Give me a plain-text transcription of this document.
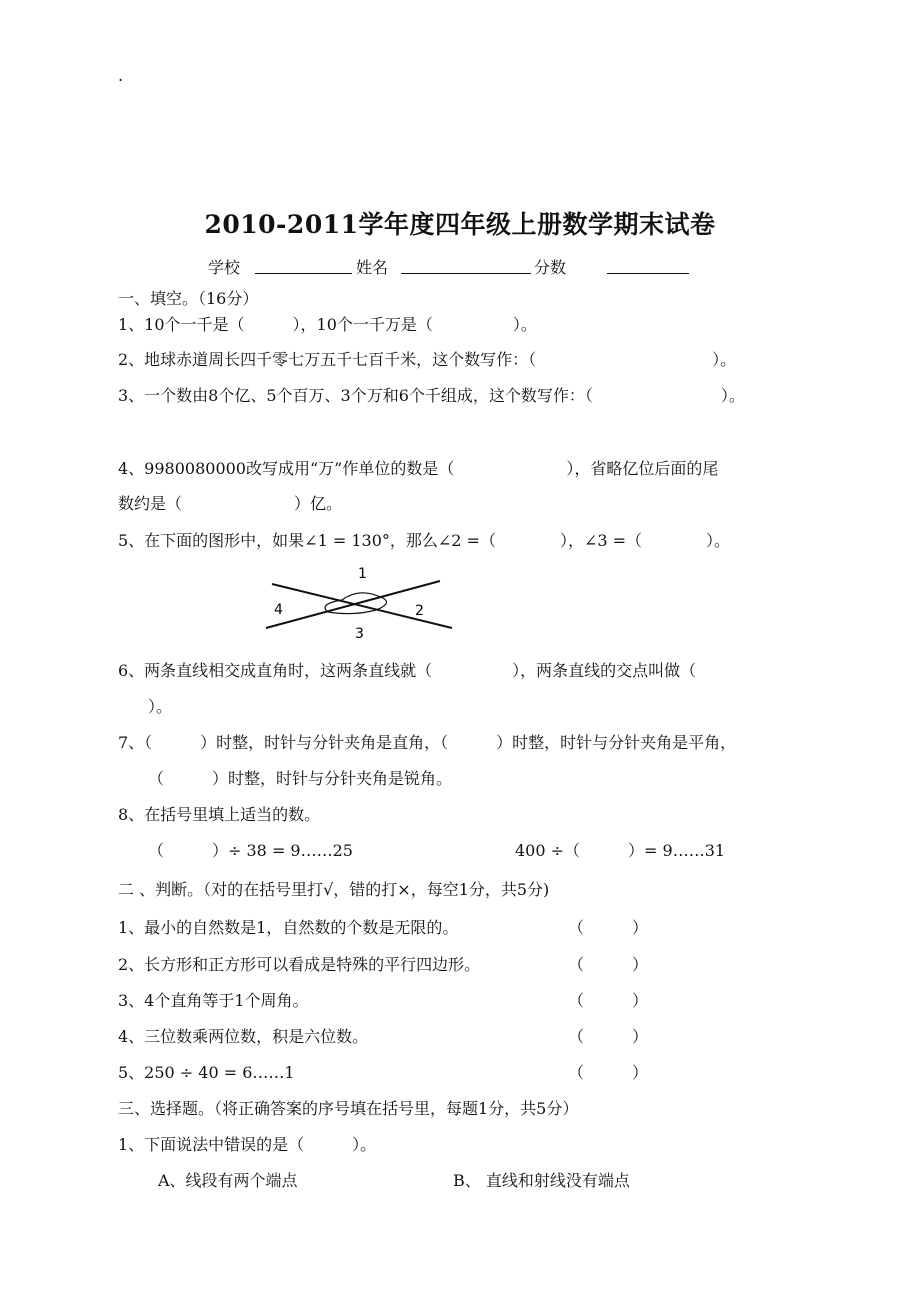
.
2010-2011学年度四年级上册数学期末试卷
学校	姓名	分数
一、填空。（16分）
1、10个一千是（　　　），10个一千万是（　　　　　）。
2、地球赤道周长四千零七万五千七百千米，这个数写作：（　　　　　　　　　　　）。
3、一个数由8个亿、5个百万、3个万和6个千组成，这个数写作：（　　　　　　　　）。
4、9980080000改写成用“万”作单位的数是（　　　　　　　），省略亿位后面的尾
数约是（　　　　　　　）亿。
5、在下面的图形中，如果∠1 = 130°，那么∠2 =（　　　　），∠3 =（　　　　）。
1
2
3
4
6、两条直线相交成直角时，这两条直线就（　　　　　），两条直线的交点叫做（
）。
7、（　　　）时整，时针与分针夹角是直角，（　　　）时整，时针与分针夹角是平角，
（　　　）时整，时针与分针夹角是锐角。
8、在括号里填上适当的数。
（　　　）÷ 38 = 9……25	400 ÷（　　　）= 9……31
二 、判断。（对的在括号里打√，错的打×，每空1分，共5分)
1、最小的自然数是1，自然数的个数是无限的。	（　　　）
2、长方形和正方形可以看成是特殊的平行四边形。	（　　　）
3、4个直角等于1个周角。	（　　　）
4、三位数乘两位数，积是六位数。	（　　　）
5、250 ÷ 40 = 6……1	（　　　）
三、选择题。（将正确答案的序号填在括号里，每题1分，共5分）
1、下面说法中错误的是（　　　）。
A、线段有两个端点	B、 直线和射线没有端点
